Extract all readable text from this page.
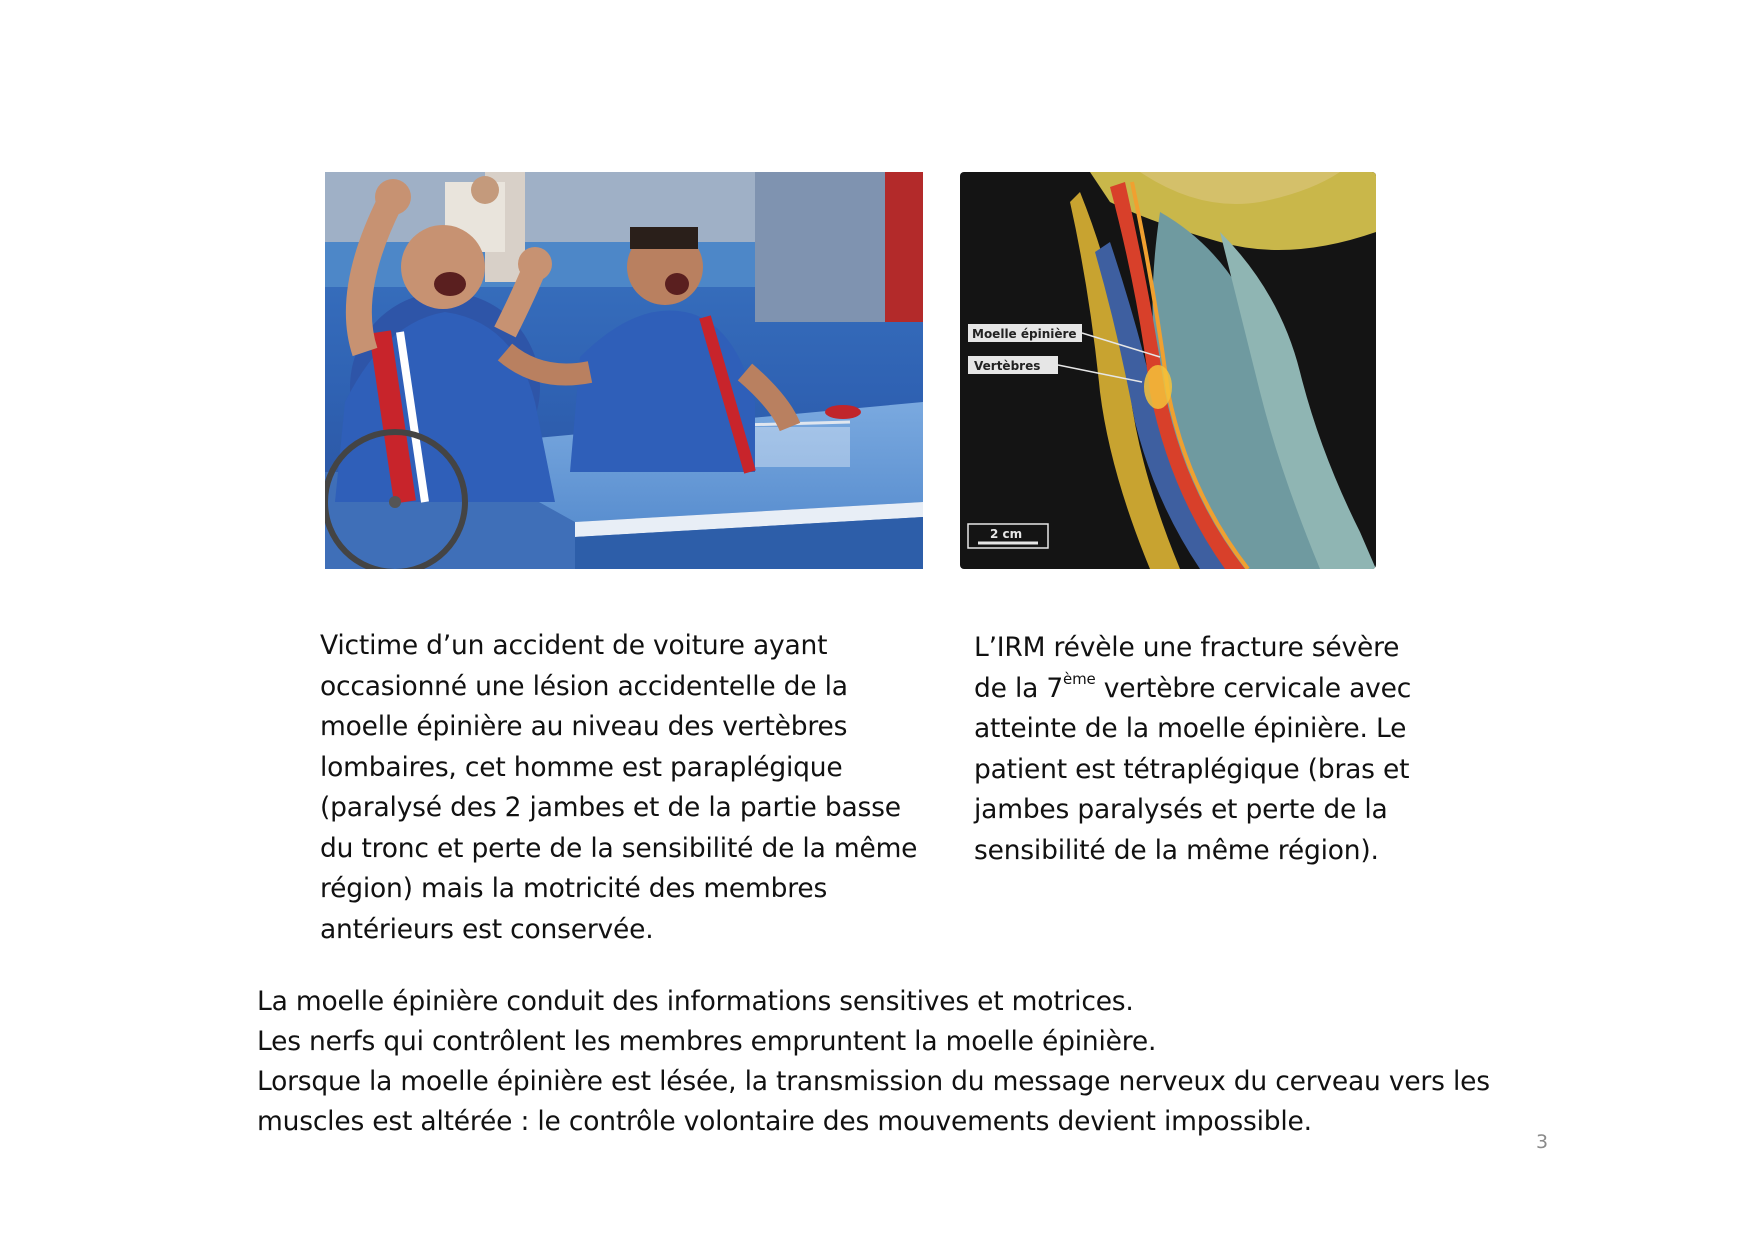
Moelle épinière
Vertèbres
2 cm

Victime d’un accident de voiture ayant occasionné une lésion accidentelle de la moelle épinière au niveau des vertèbres lombaires, cet homme est paraplégique (paralysé des 2 jambes et de la partie basse du tronc et perte de la sensibilité de la même région) mais la motricité des membres antérieurs est conservée.

L’IRM révèle une fracture sévère de la 7ème vertèbre cervicale avec atteinte de la moelle épinière. Le patient est tétraplégique (bras et jambes paralysés et perte de la sensibilité de la même région).

La moelle épinière conduit des informations sensitives et motrices.
Les nerfs qui contrôlent les membres empruntent la moelle épinière.
Lorsque la moelle épinière est lésée, la transmission du message nerveux du cerveau vers les
muscles est altérée : le contrôle volontaire des mouvements devient impossible.
3
